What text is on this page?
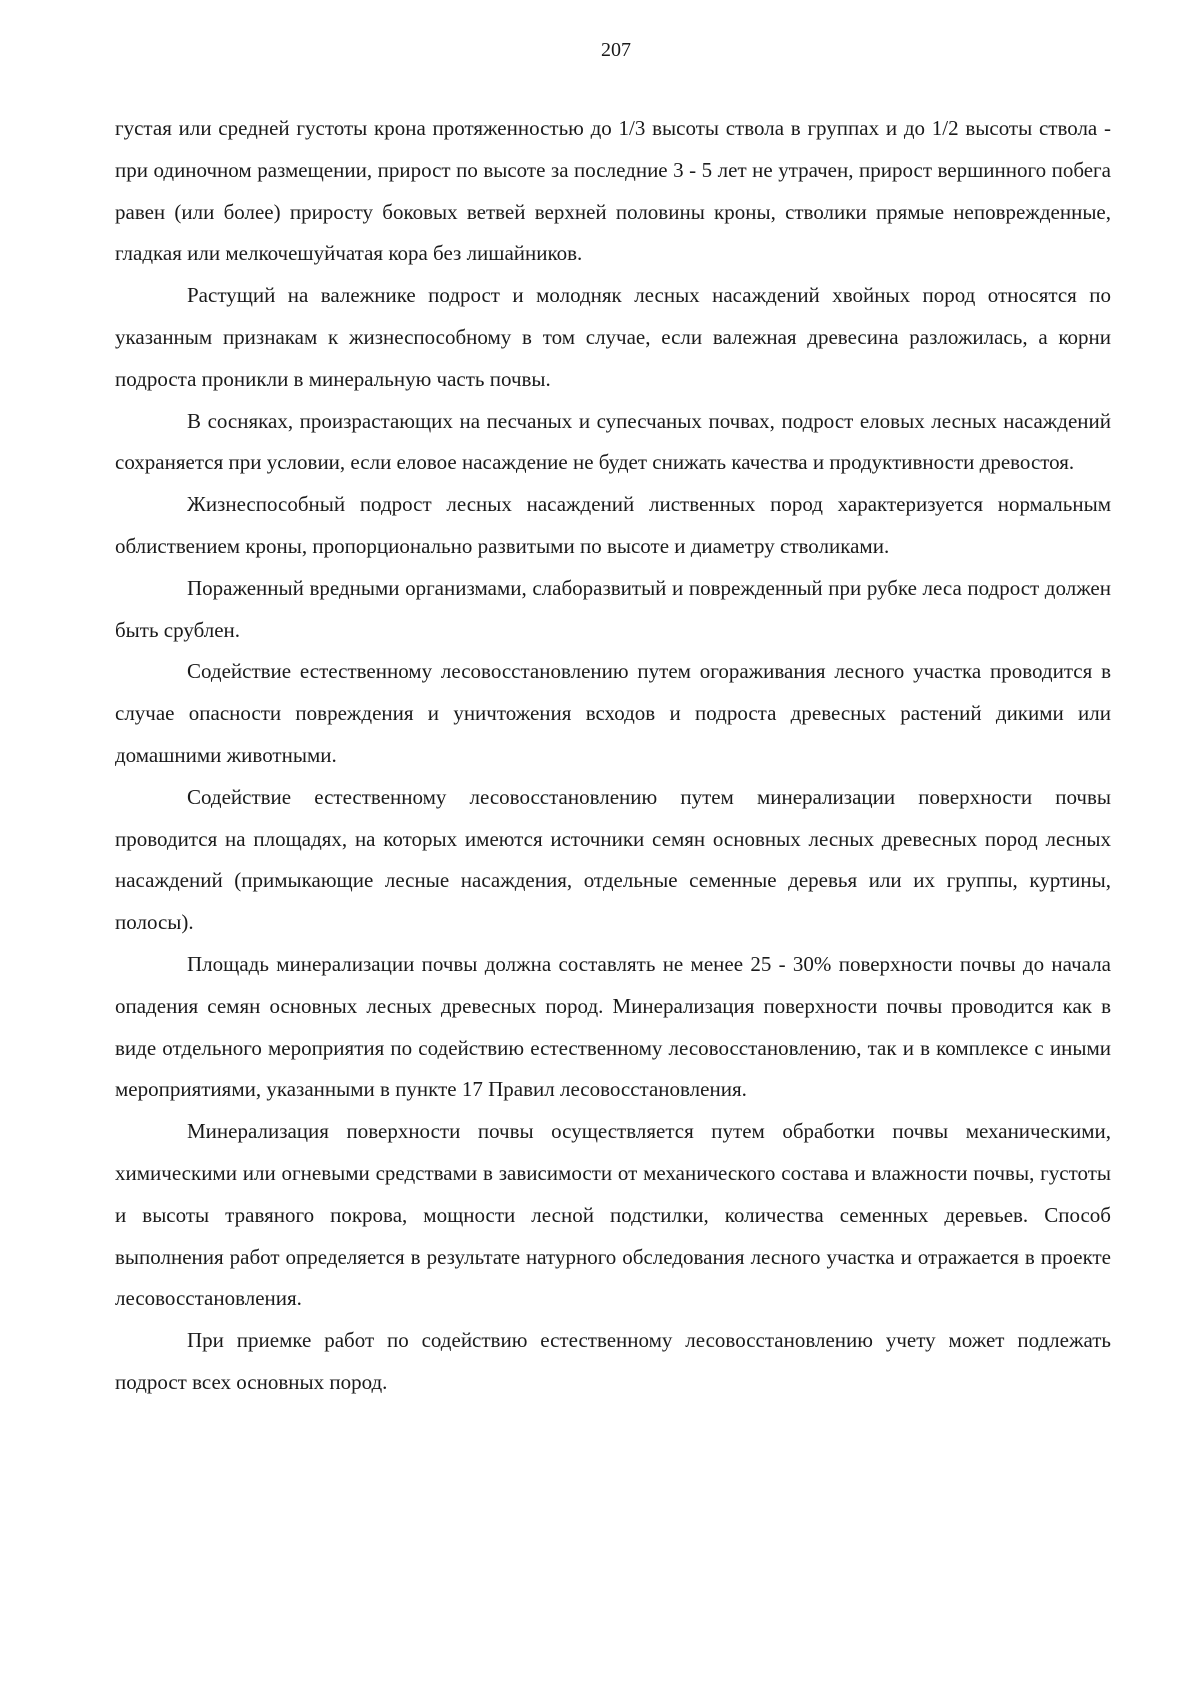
207

густая или средней густоты крона протяженностью до 1/3 высоты ствола в группах и до 1/2 высоты ствола - при одиночном размещении, прирост по высоте за последние 3 - 5 лет не утрачен, прирост вершинного побега равен (или более) приросту боковых ветвей верхней половины кроны, стволики прямые неповрежденные, гладкая или мелкочешуйчатая кора без лишайников.

Растущий на валежнике подрост и молодняк лесных насаждений хвойных пород относятся по указанным признакам к жизнеспособному в том случае, если валежная древесина разложилась, а корни подроста проникли в минеральную часть почвы.

В сосняках, произрастающих на песчаных и супесчаных почвах, подрост еловых лесных насаждений сохраняется при условии, если еловое насаждение не будет снижать качества и продуктивности древостоя.

Жизнеспособный подрост лесных насаждений лиственных пород характеризуется нормальным облиствением кроны, пропорционально развитыми по высоте и диаметру стволиками.

Пораженный вредными организмами, слаборазвитый и поврежденный при рубке леса подрост должен быть срублен.

Содействие естественному лесовосстановлению путем огораживания лесного участка проводится в случае опасности повреждения и уничтожения всходов и подроста древесных растений дикими или домашними животными.

Содействие естественному лесовосстановлению путем минерализации поверхности почвы проводится на площадях, на которых имеются источники семян основных лесных древесных пород лесных насаждений (примыкающие лесные насаждения, отдельные семенные деревья или их группы, куртины, полосы).

Площадь минерализации почвы должна составлять не менее 25 - 30% поверхности почвы до начала опадения семян основных лесных древесных пород. Минерализация поверхности почвы проводится как в виде отдельного мероприятия по содействию естественному лесовосстановлению, так и в комплексе с иными мероприятиями, указанными в пункте 17 Правил лесовосстановления.

Минерализация поверхности почвы осуществляется путем обработки почвы механическими, химическими или огневыми средствами в зависимости от механического состава и влажности почвы, густоты и высоты травяного покрова, мощности лесной подстилки, количества семенных деревьев. Способ выполнения работ определяется в результате натурного обследования лесного участка и отражается в проекте лесовосстановления.

При приемке работ по содействию естественному лесовосстановлению учету может подлежать подрост всех основных пород.
